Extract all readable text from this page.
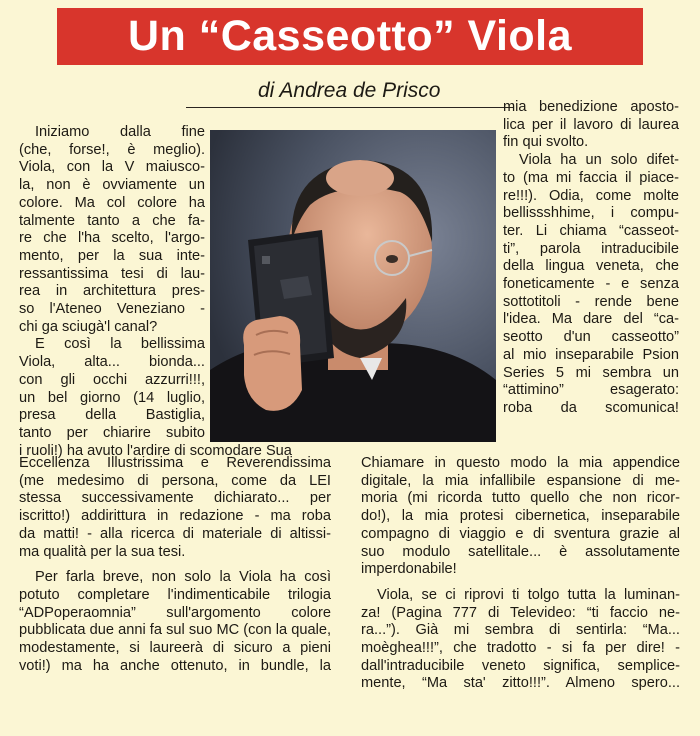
Un “Casseotto” Viola
di Andrea de Prisco
Iniziamo dalla fine
(che, forse!, è meglio).
Viola, con la V maiusco-
la, non è ovviamente un
colore. Ma col colore ha
talmente tanto a che fa-
re che l'ha scelto, l'argo-
mento, per la sua inte-
ressantissima tesi di lau-
rea in architettura pres-
so l'Ateneo Veneziano -
chi ga sciugà'l canal?
E così la bellissima
Viola, alta... bionda...
con gli occhi azzurri!!!,
un bel giorno (14 luglio,
presa della Bastiglia,
tanto per chiarire subito
i ruoli!) ha avuto l'ardire di scomodare Sua
mia benedizione aposto-
lica per il lavoro di laurea
fin qui svolto.
Viola ha un solo difet-
to (ma mi faccia il piace-
re!!!). Odia, come molte
bellissshhime, i compu-
ter. Li chiama “casseot-
ti”, parola intraducibile
della lingua veneta, che
foneticamente - e senza
sottotitoli - rende bene
l'idea. Ma dare del “ca-
seotto d'un casseotto”
al mio inseparabile Psion
Series 5 mi sembra un
“attimino” esagerato:
roba da scomunica!
Eccellenza Illustrissima e Reverendissima
(me medesimo di persona, come da LEI
stessa successivamente dichiarato... per
iscritto!) addirittura in redazione - ma roba
da matti! - alla ricerca di materiale di altissi-
ma qualità per la sua tesi.
Per farla breve, non solo la Viola ha così
potuto completare l'indimenticabile trilogia
“ADPoperaomnia” sull'argomento colore
pubblicata due anni fa sul suo MC (con la quale,
modestamente, si laureerà di sicuro a pieni
voti!) ma ha anche ottenuto, in bundle, la
Chiamare in questo modo la mia appendice
digitale, la mia infallibile espansione di me-
moria (mi ricorda tutto quello che non ricor-
do!), la mia protesi cibernetica, inseparabile
compagno di viaggio e di sventura grazie al
suo modulo satellitale... è assolutamente
imperdonabile!
Viola, se ci riprovi ti tolgo tutta la luminan-
za! (Pagina 777 di Televideo: “ti faccio ne-
ra...”). Già mi sembra di sentirla: “Ma...
moèghea!!!”, che tradotto - si fa per dire! -
dall'intraducibile veneto significa, semplice-
mente, “Ma sta' zitto!!!”. Almeno spero...
